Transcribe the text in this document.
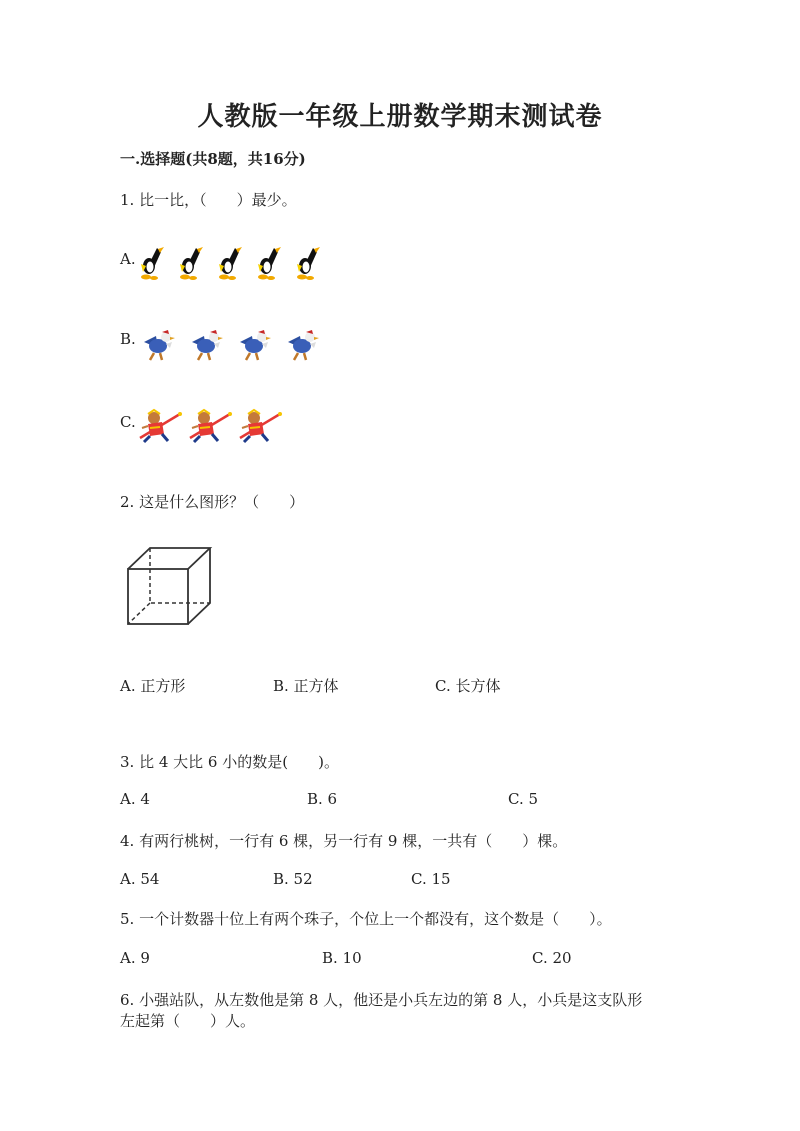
人教版一年级上册数学期末测试卷
一.选择题(共8题，共16分)
1. 比一比，（　　）最少。
A.
B.
C.
2. 这是什么图形？（　　）
A. 正方形	B. 正方体	C. 长方体
3. 比 4 大比 6 小的数是(　　)。
A. 4	B. 6	C. 5
4. 有两行桃树，一行有 6 棵，另一行有 9 棵，一共有（　　）棵。
A. 54	B. 52	C. 15
5. 一个计数器十位上有两个珠子，个位上一个都没有，这个数是（　　）。
A. 9	B. 10	C. 20
6. 小强站队，从左数他是第 8 人，他还是小兵左边的第 8 人，小兵是这支队形
左起第（　　）人。
